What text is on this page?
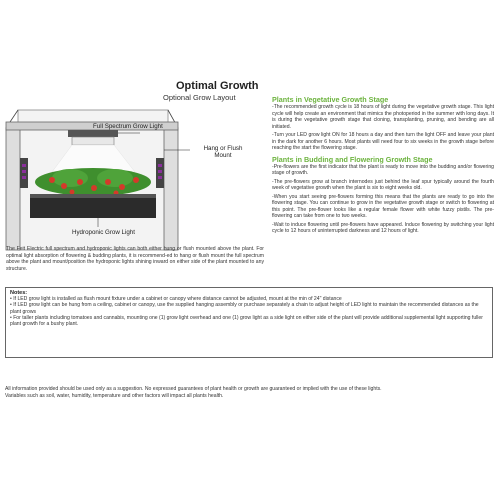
Optimal Growth
Optional Grow Layout
Full Spectrum Grow Light
Hang or Flush
Mount
Hydroponic Grow Light
The Feit Electric full spectrum and hydroponic lights can both either hung or flush mounted above the plant. For optimal light absorption of flowering & budding plants, it is recommend-ed to hang or flush mount the full spectrum above the plant and mount/position the hydroponic lights shining inward on either side of the plant mounted to any structure.
Plants in Vegetative Growth Stage

-The recommended growth cycle is 18 hours of light during the vegetative growth stage. This light cycle will help create an environment that mimics the photoperiod in the summer with long days. It is during the vegetative growth stage that cloning, transplanting, pruning, and bending are all initiated.

-Turn your LED grow light ON for 18 hours a day and then turn the light OFF and leave your plant in the dark for another 6 hours. Most plants will need four to six weeks in the growth stage before reaching the start the flowering stage.

Plants in Budding and Flowering Growth Stage

-Pre-flowers are the first indicator that the plant is ready to move into the budding and/or flowering stage of growth.

-The pre-flowers grow at branch internodes just behind the leaf spur typically around the fourth week of vegetative growth when the plant is six to eight weeks old.

-When you start seeing pre-flowers forming this means that the plants are ready to go into the flowering stage. You can continue to grow in the vegetative growth stage or switch to flowering at this point. The pre-flower looks like a regular female flower with white fuzzy pistils. The pre-flowering can take from one to two weeks.

-Wait to induce flowering until pre-flowers have appeared. Induce flowering by switching your light cycle to 12 hours of uninterrupted darkness and 12 hours of light.

Notes:
• If LED grow light is installed as flush mount fixture under a cabinet or canopy where distance cannot be adjusted, mount at the min of 24" distance
• If LED grow light can be hung from a ceiling, cabinet or canopy, use the supplied hanging assembly or purchase separately a chain to adjust height of LED light to maintain the recommended distances as the plant grows
• For taller plants including tomatoes and cannabis, mounting one (1) grow light overhead and one (1) grow light as a side light on either side of the plant will provide additional supplemental light supporting fuller plant growth for a bushy plant.

All information provided should be used only as a suggestion. No expressed guarantees of plant health or growth are guaranteed or implied with the use of these lights.

Variables such as soil, water, humidity, temperature and other factors will impact all plants health.
